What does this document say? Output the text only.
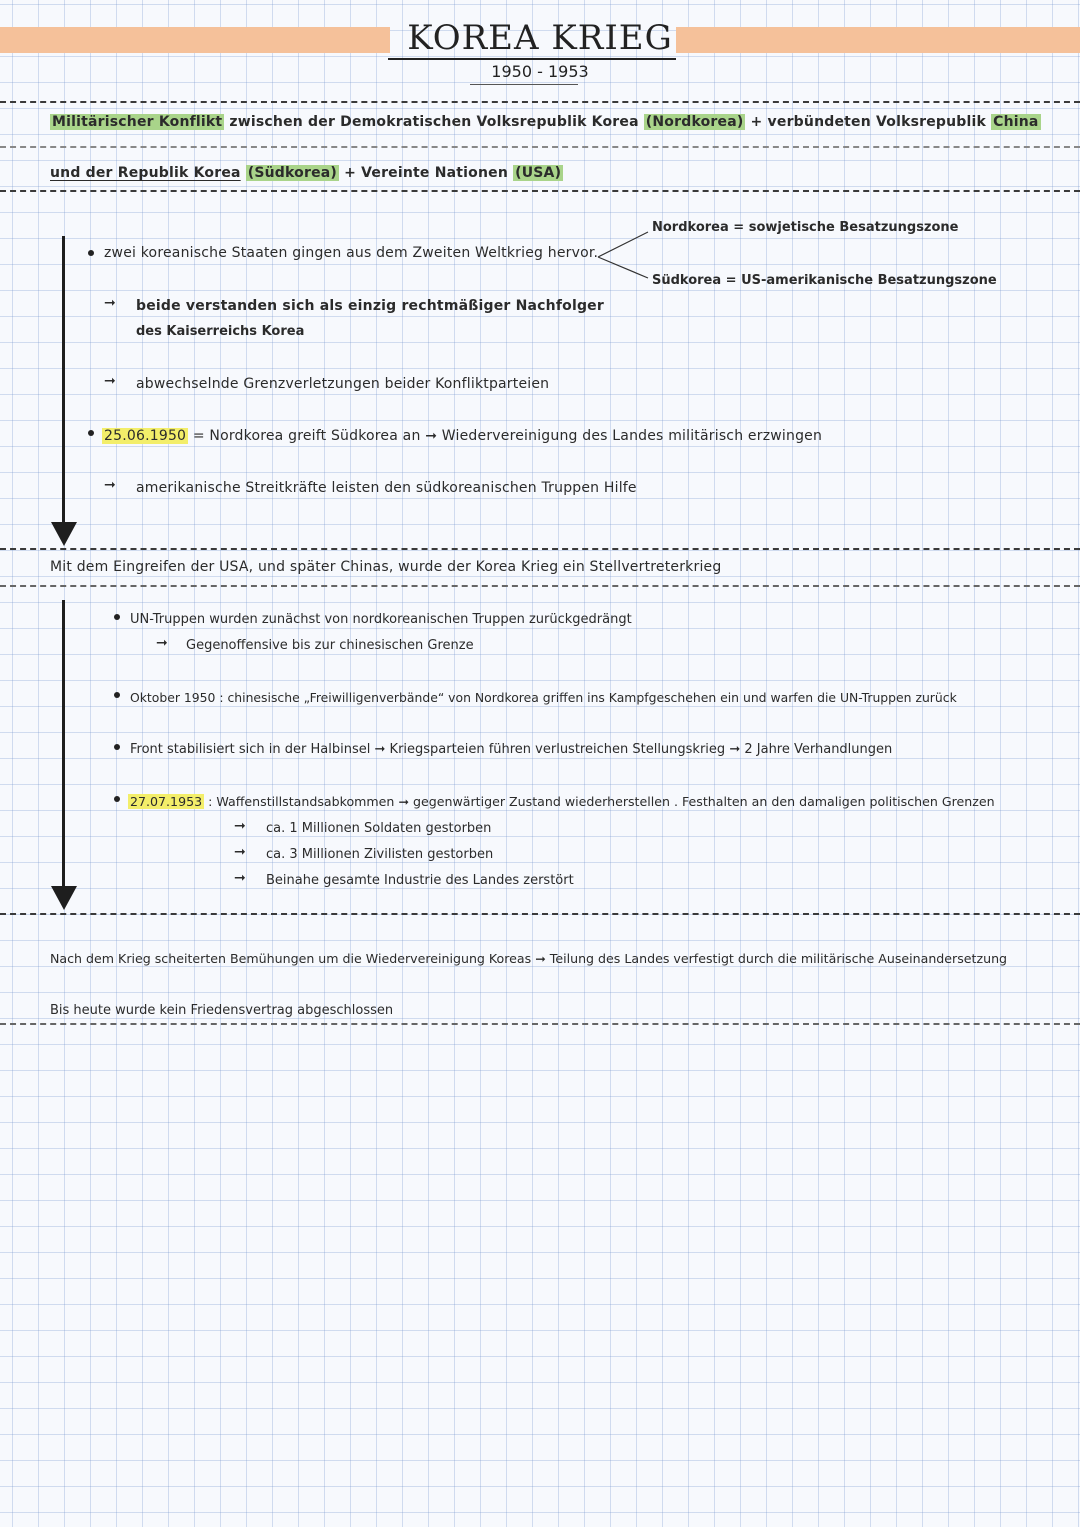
KOREA KRIEG
1950 - 1953
Militärischer Konflikt zwischen der Demokratischen Volksrepublik Korea (Nordkorea) + verbündeten Volksrepublik China
und der Republik Korea (Südkorea) + Vereinte Nationen (USA)
zwei koreanische Staaten gingen aus dem Zweiten Weltkrieg hervor.
Nordkorea = sowjetische Besatzungszone
Südkorea = US-amerikanische Besatzungszone
➞ beide verstanden sich als einzig rechtmäßiger Nachfolger
des Kaiserreichs Korea
➞ abwechselnde Grenzverletzungen beider Konfliktparteien
25.06.1950 = Nordkorea greift Südkorea an ➞ Wiedervereinigung des Landes militärisch erzwingen
➞ amerikanische Streitkräfte leisten den südkoreanischen Truppen Hilfe
Mit dem Eingreifen der USA, und später Chinas, wurde der Korea Krieg ein Stellvertreterkrieg
UN-Truppen wurden zunächst von nordkoreanischen Truppen zurückgedrängt
➞ Gegenoffensive bis zur chinesischen Grenze
Oktober 1950 : chinesische „Freiwilligenverbände“ von Nordkorea griffen ins Kampfgeschehen ein und warfen die UN-Truppen zurück
Front stabilisiert sich in der Halbinsel ➞ Kriegsparteien führen verlustreichen Stellungskrieg ➞ 2 Jahre Verhandlungen
27.07.1953 : Waffenstillstandsabkommen ➞ gegenwärtiger Zustand wiederherstellen . Festhalten an den damaligen politischen Grenzen
➞ ca. 1 Millionen Soldaten gestorben
➞ ca. 3 Millionen Zivilisten gestorben
➞ Beinahe gesamte Industrie des Landes zerstört
Nach dem Krieg scheiterten Bemühungen um die Wiedervereinigung Koreas ➞ Teilung des Landes verfestigt durch die militärische Auseinandersetzung
Bis heute wurde kein Friedensvertrag abgeschlossen
